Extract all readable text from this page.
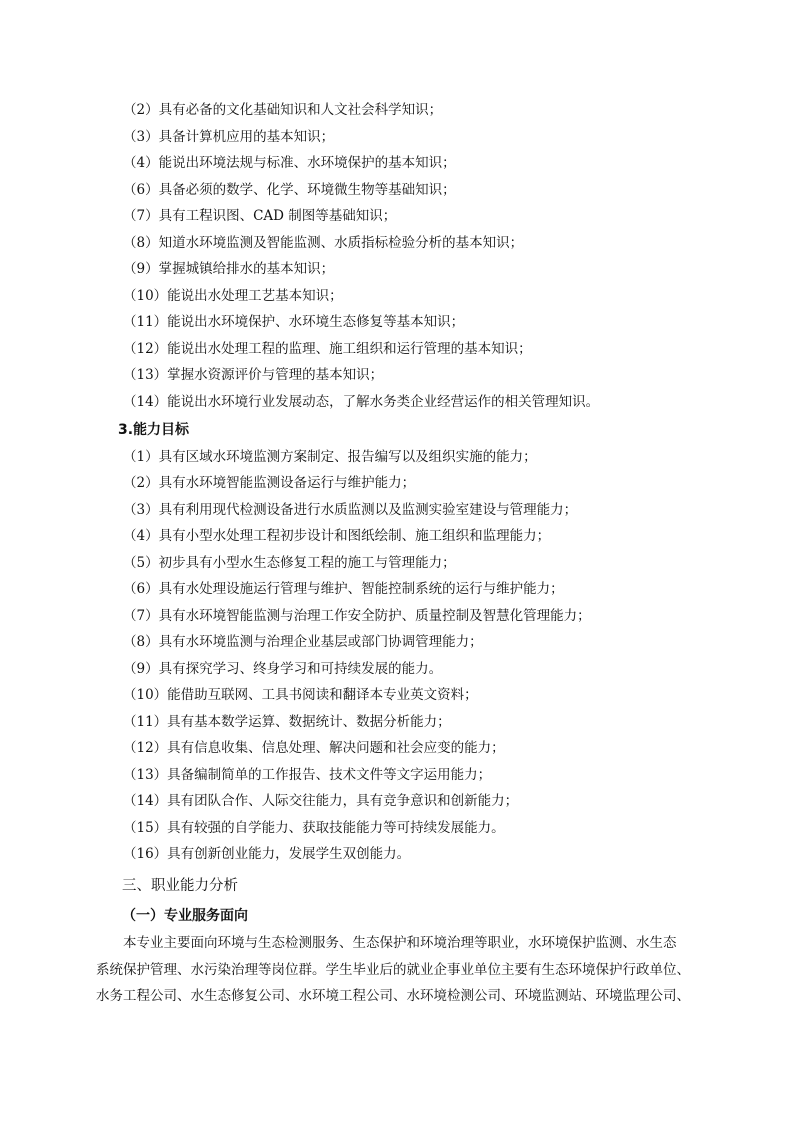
（2）具有必备的文化基础知识和人文社会科学知识；
（3）具备计算机应用的基本知识；
（4）能说出环境法规与标准、水环境保护的基本知识；
（6）具备必须的数学、化学、环境微生物等基础知识；
（7）具有工程识图、CAD 制图等基础知识；
（8）知道水环境监测及智能监测、水质指标检验分析的基本知识；
（9）掌握城镇给排水的基本知识；
（10）能说出水处理工艺基本知识；
（11）能说出水环境保护、水环境生态修复等基本知识；
（12）能说出水处理工程的监理、施工组织和运行管理的基本知识；
（13）掌握水资源评价与管理的基本知识；
（14）能说出水环境行业发展动态，了解水务类企业经营运作的相关管理知识。
3.能力目标
（1）具有区域水环境监测方案制定、报告编写以及组织实施的能力；
（2）具有水环境智能监测设备运行与维护能力；
（3）具有利用现代检测设备进行水质监测以及监测实验室建设与管理能力；
（4）具有小型水处理工程初步设计和图纸绘制、施工组织和监理能力；
（5）初步具有小型水生态修复工程的施工与管理能力；
（6）具有水处理设施运行管理与维护、智能控制系统的运行与维护能力；
（7）具有水环境智能监测与治理工作安全防护、质量控制及智慧化管理能力；
（8）具有水环境监测与治理企业基层或部门协调管理能力；
（9）具有探究学习、终身学习和可持续发展的能力。
（10）能借助互联网、工具书阅读和翻译本专业英文资料；
（11）具有基本数学运算、数据统计、数据分析能力；
（12）具有信息收集、信息处理、解决问题和社会应变的能力；
（13）具备编制简单的工作报告、技术文件等文字运用能力；
（14）具有团队合作、人际交往能力，具有竞争意识和创新能力；
（15）具有较强的自学能力、获取技能能力等可持续发展能力。
（16）具有创新创业能力，发展学生双创能力。
三、职业能力分析
（一）专业服务面向
本专业主要面向环境与生态检测服务、生态保护和环境治理等职业，水环境保护监测、水生态
系统保护管理、水污染治理等岗位群。学生毕业后的就业企事业单位主要有生态环境保护行政单位、
水务工程公司、水生态修复公司、水环境工程公司、水环境检测公司、环境监测站、环境监理公司、
